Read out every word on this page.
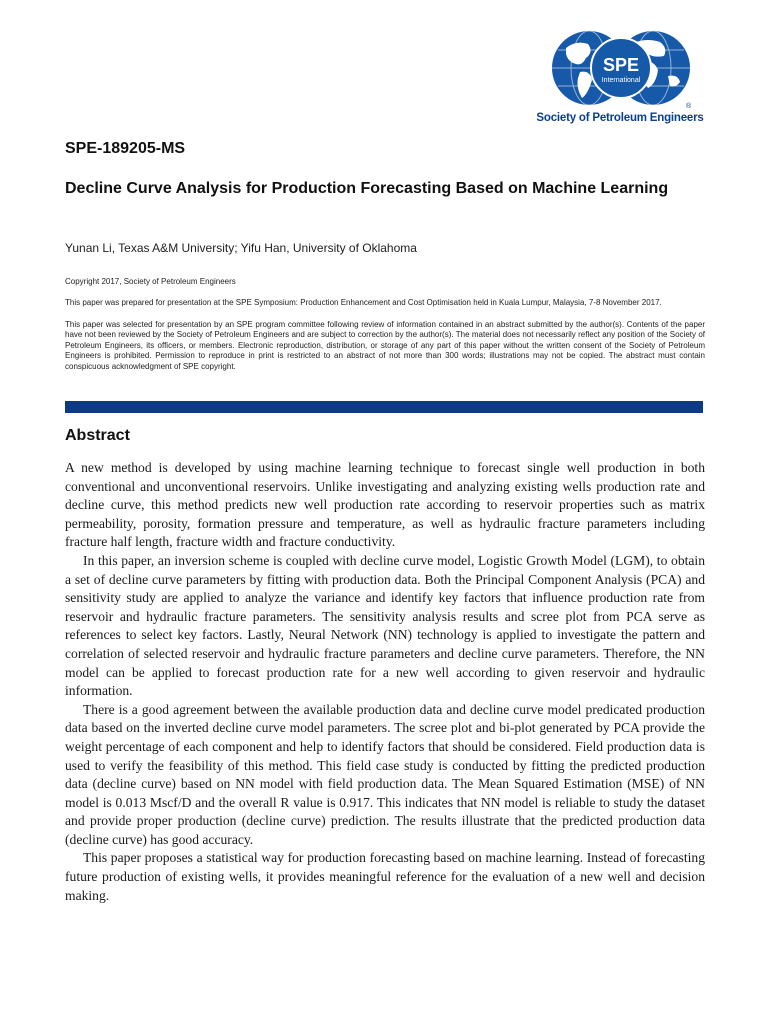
SPE
International
®
Society of Petroleum Engineers
SPE-189205-MS
Decline Curve Analysis for Production Forecasting Based on Machine Learning
Yunan Li, Texas A&M University; Yifu Han, University of Oklahoma
Copyright 2017, Society of Petroleum Engineers
This paper was prepared for presentation at the SPE Symposium: Production Enhancement and Cost Optimisation held in Kuala Lumpur, Malaysia, 7-8 November 2017.
This paper was selected for presentation by an SPE program committee following review of information contained in an abstract submitted by the author(s). Contents of the paper have not been reviewed by the Society of Petroleum Engineers and are subject to correction by the author(s). The material does not necessarily reflect any position of the Society of Petroleum Engineers, its officers, or members. Electronic reproduction, distribution, or storage of any part of this paper without the written consent of the Society of Petroleum Engineers is prohibited. Permission to reproduce in print is restricted to an abstract of not more than 300 words; illustrations may not be copied. The abstract must contain conspicuous acknowledgment of SPE copyright.
Abstract

A new method is developed by using machine learning technique to forecast single well production in both conventional and unconventional reservoirs. Unlike investigating and analyzing existing wells production rate and decline curve, this method predicts new well production rate according to reservoir properties such as matrix permeability, porosity, formation pressure and temperature, as well as hydraulic fracture parameters including fracture half length, fracture width and fracture conductivity.

In this paper, an inversion scheme is coupled with decline curve model, Logistic Growth Model (LGM), to obtain a set of decline curve parameters by fitting with production data. Both the Principal Component Analysis (PCA) and sensitivity study are applied to analyze the variance and identify key factors that influence production rate from reservoir and hydraulic fracture parameters. The sensitivity analysis results and scree plot from PCA serve as references to select key factors. Lastly, Neural Network (NN) technology is applied to investigate the pattern and correlation of selected reservoir and hydraulic fracture parameters and decline curve parameters. Therefore, the NN model can be applied to forecast production rate for a new well according to given reservoir and hydraulic information.

There is a good agreement between the available production data and decline curve model predicated production data based on the inverted decline curve model parameters. The scree plot and bi-plot generated by PCA provide the weight percentage of each component and help to identify factors that should be considered. Field production data is used to verify the feasibility of this method. This field case study is conducted by fitting the predicted production data (decline curve) based on NN model with field production data. The Mean Squared Estimation (MSE) of NN model is 0.013 Mscf/D and the overall R value is 0.917. This indicates that NN model is reliable to study the dataset and provide proper production (decline curve) prediction. The results illustrate that the predicted production data (decline curve) has good accuracy.

This paper proposes a statistical way for production forecasting based on machine learning. Instead of forecasting future production of existing wells, it provides meaningful reference for the evaluation of a new well and decision making.
